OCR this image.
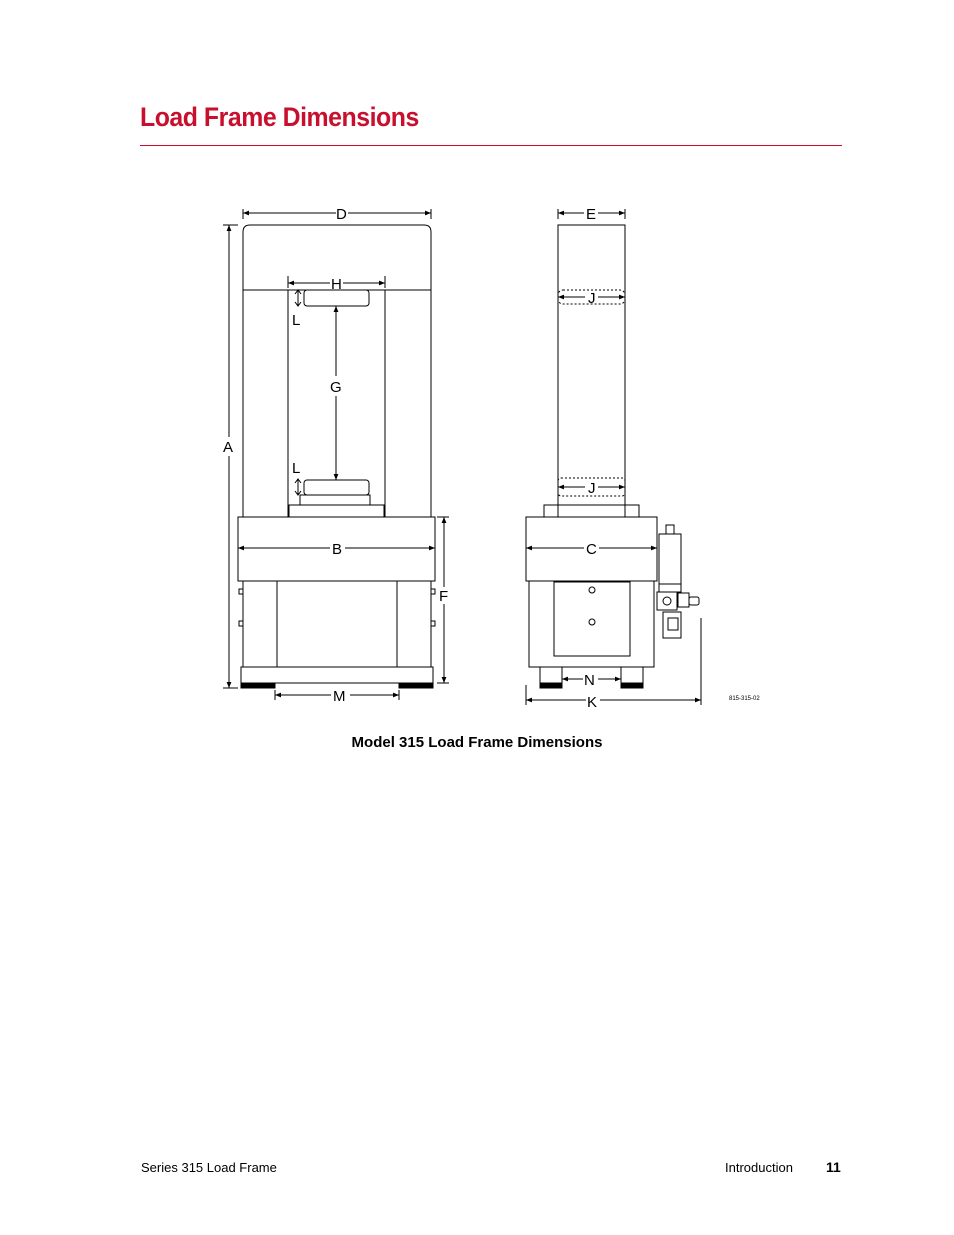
Load Frame Dimensions
D	E
A
H
L
G
L
J
J
B	C
F
M
N
K	815-315-02
Model 315 Load Frame Dimensions
Series 315 Load Frame	Introduction 11
